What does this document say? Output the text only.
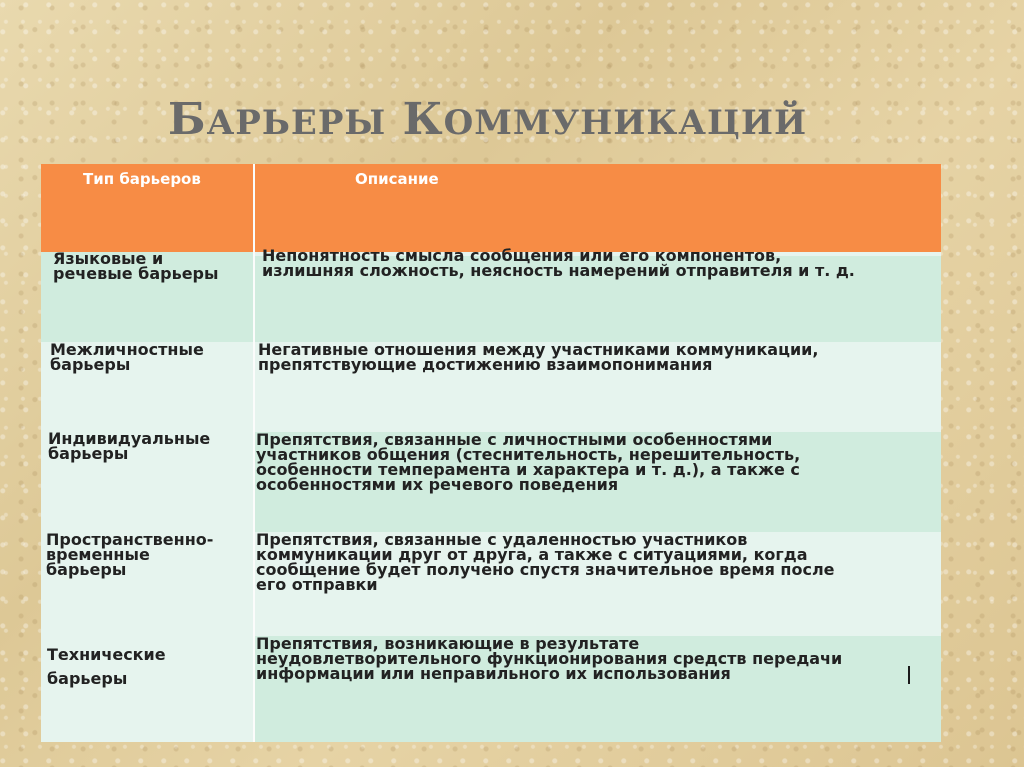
БАРЬЕРЫ КОММУНИКАЦИЙ
Тип барьеров	Описание
Языковые и
речевые барьеры
Непонятность смысла сообщения или его компонентов,
излишняя сложность, неясность намерений отправителя и т. д.
Межличностные
барьеры
Негативные отношения между участниками коммуникации,
препятствующие достижению взаимопонимания
Индивидуальные
барьеры
Препятствия, связанные с личностными особенностями
участников общения (стеснительность, нерешительность,
особенности темперамента и характера и т. д.), а также с
особенностями их речевого поведения
Пространственно-
временные
барьеры
Препятствия, связанные с удаленностью участников
коммуникации друг от друга, а также с ситуациями, когда
сообщение будет получено спустя значительное время после
его отправки
Технические
барьеры
Препятствия, возникающие в результате
неудовлетворительного функционирования средств передачи
информации или неправильного их использования
